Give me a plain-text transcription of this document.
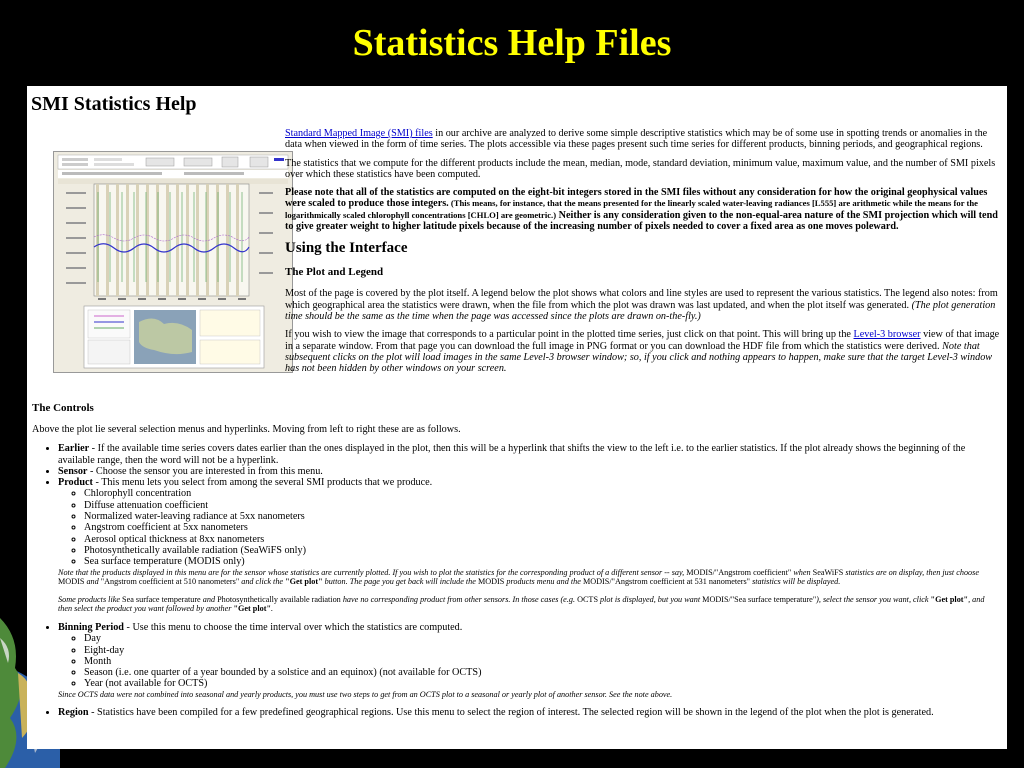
Statistics Help Files
SMI Statistics Help

Standard Mapped Image (SMI) files in our archive are analyzed to derive some simple descriptive statistics which may be of some use in spotting trends or anomalies in the data when viewed in the form of time series. The plots accessible via these pages present such time series for different products, binning periods, and geographical regions.

The statistics that we compute for the different products include the mean, median, mode, standard deviation, minimum value, maximum value, and the number of SMI pixels over which these statistics have been computed.

Please note that all of the statistics are computed on the eight-bit integers stored in the SMI files without any consideration for how the original geophysical values were scaled to produce those integers. (This means, for instance, that the means presented for the linearly scaled water-leaving radiances [L555] are arithmetic while the means for the logarithmically scaled chlorophyll concentrations [CHLO] are geometric.) Neither is any consideration given to the non-equal-area nature of the SMI projection which will tend to give greater weight to higher latitude pixels because of the increasing number of pixels needed to cover a fixed area as one moves poleward.

Using the Interface
The Plot and Legend

Most of the page is covered by the plot itself. A legend below the plot shows what colors and line styles are used to represent the various statistics. The legend also notes: from which geographical area the statistics were drawn, when the file from which the plot was drawn was last updated, and when the plot itself was generated. (The plot generation time should be the same as the time when the page was accessed since the plots are drawn on-the-fly.)

If you wish to view the image that corresponds to a particular point in the plotted time series, just click on that point. This will bring up the Level-3 browser view of that image in a separate window. From that page you can download the full image in PNG format or you can download the HDF file from which the statistics were derived. Note that subsequent clicks on the plot will load images in the same Level-3 browser window; so, if you click and nothing appears to happen, make sure that the target Level-3 window has not been hidden by other windows on your screen.

The Controls

Above the plot lie several selection menus and hyperlinks. Moving from left to right these are as follows.

• Earlier - If the available time series covers dates earlier than the ones displayed in the plot, then this will be a hyperlink that shifts the view to the left i.e. to the earlier statistics. If the plot already shows the beginning of the available range, then the word will not be a hyperlink.
• Sensor - Choose the sensor you are interested in from this menu.
• Product - This menu lets you select from among the several SMI products that we produce.
◦ Chlorophyll concentration
◦ Diffuse attenuation coefficient
◦ Normalized water-leaving radiance at 5xx nanometers
◦ Angstrom coefficient at 5xx nanometers
◦ Aerosol optical thickness at 8xx nanometers
◦ Photosynthetically available radiation (SeaWiFS only)
◦ Sea surface temperature (MODIS only)

Note that the products displayed in this menu are for the sensor whose statistics are currently plotted. If you wish to plot the statistics for the corresponding product of a different sensor -- say, MODIS/"Angstrom coefficient" when SeaWiFS statistics are on display, then just choose MODIS and "Angstrom coefficient at 510 nanometers" and click the "Get plot" button. The page you get back will include the MODIS products menu and the MODIS/"Angstrom coefficient at 531 nanometers" statistics will be displayed.

Some products like Sea surface temperature and Photosynthetically available radiation have no corresponding product from other sensors. In those cases (e.g. OCTS plot is displayed, but you want MODIS/"Sea surface temperature"), select the sensor you want, click "Get plot", and then select the product you want followed by another "Get plot".

• Binning Period - Use this menu to choose the time interval over which the statistics are computed.
◦ Day
◦ Eight-day
◦ Month
◦ Season (i.e. one quarter of a year bounded by a solstice and an equinox) (not available for OCTS)
◦ Year (not available for OCTS)

Since OCTS data were not combined into seasonal and yearly products, you must use two steps to get from an OCTS plot to a seasonal or yearly plot of another sensor. See the note above.

• Region - Statistics have been compiled for a few predefined geographical regions. Use this menu to select the region of interest. The selected region will be shown in the legend of the plot when the plot is generated.
